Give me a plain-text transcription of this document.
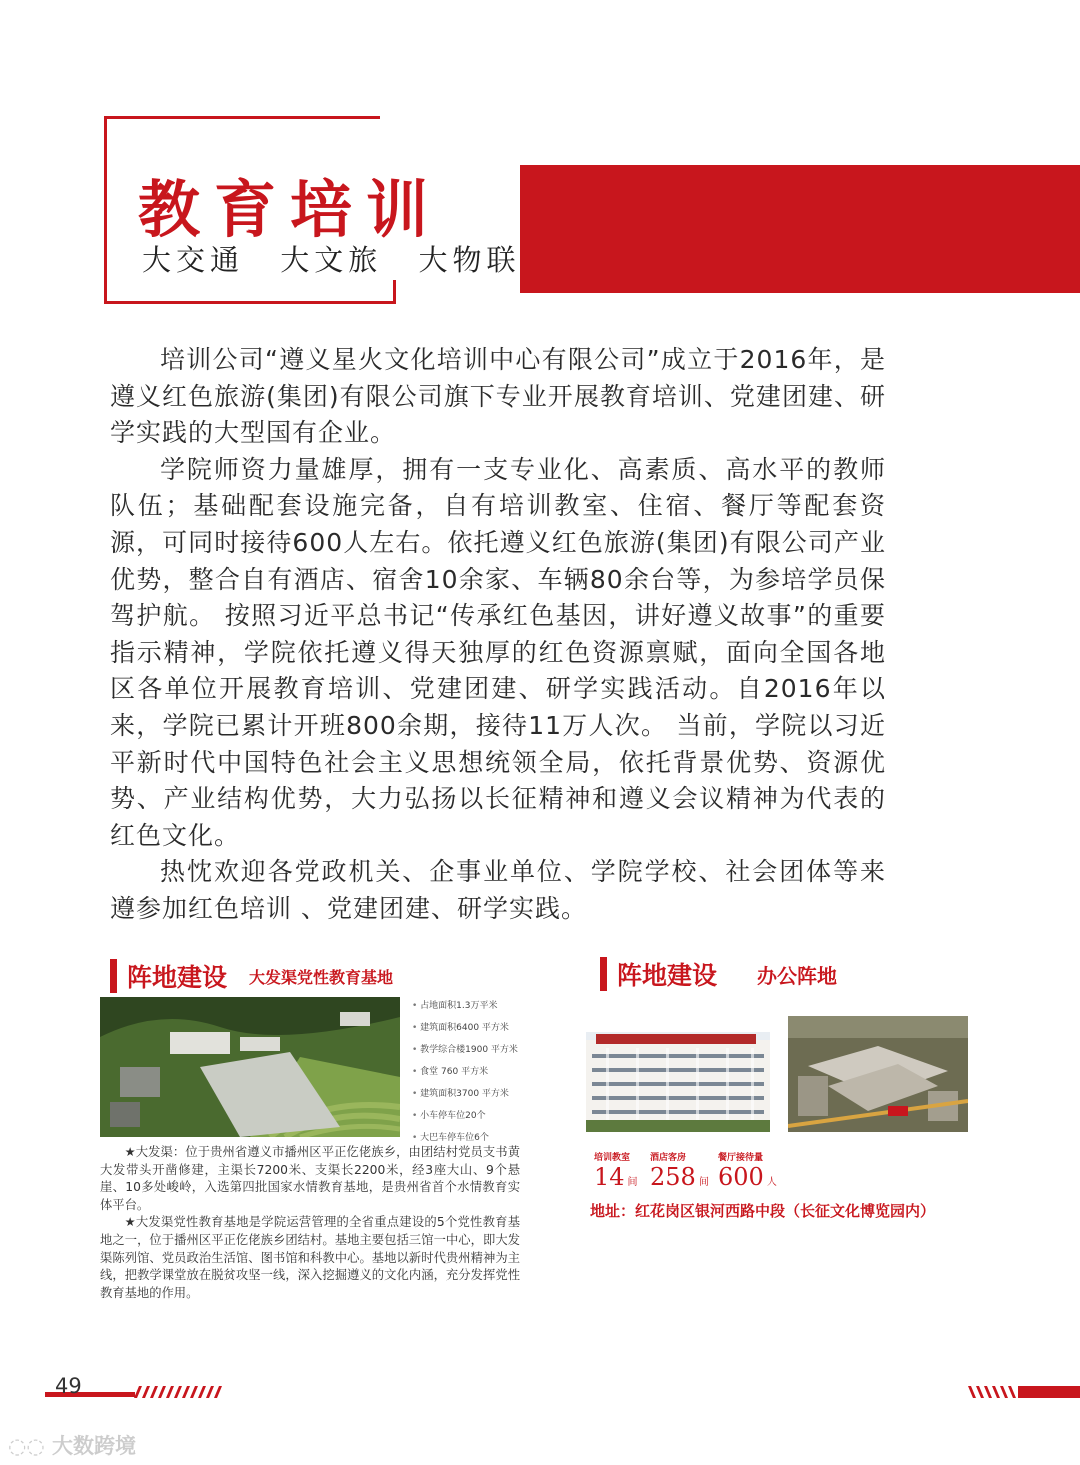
教育培训
大交通 大文旅 大物联

培训公司“遵义星火文化培训中心有限公司”成立于2016年，是遵义红色旅游(集团)有限公司旗下专业开展教育培训、党建团建、研学实践的大型国有企业。

学院师资力量雄厚，拥有一支专业化、高素质、高水平的教师队伍；基础配套设施完备，自有培训教室、住宿、餐厅等配套资源，可同时接待600人左右。依托遵义红色旅游(集团)有限公司产业优势，整合自有酒店、宿舍10余家、车辆80余台等，为参培学员保驾护航。 按照习近平总书记“传承红色基因，讲好遵义故事”的重要指示精神，学院依托遵义得天独厚的红色资源禀赋，面向全国各地区各单位开展教育培训、党建团建、研学实践活动。自2016年以来，学院已累计开班800余期，接待11万人次。 当前，学院以习近平新时代中国特色社会主义思想统领全局，依托背景优势、资源优势、产业结构优势，大力弘扬以长征精神和遵义会议精神为代表的红色文化。

热忱欢迎各党政机关、企事业单位、学院学校、社会团体等来遵参加红色培训 、党建团建、研学实践。

阵地建设 大发渠党性教育基地
• 占地面积1.3万平米
• 建筑面积6400 平方米
• 教学综合楼1900 平方米
• 食堂 760 平方米
• 建筑面积3700 平方米
• 小车停车位20个
• 大巴车停车位6个

★大发渠：位于贵州省遵义市播州区平正仡佬族乡，由团结村党员支书黄大发带头开凿修建，主渠长7200米、支渠长2200米，经3座大山、9个悬崖、10多处峻岭，入选第四批国家水情教育基地，是贵州省首个水情教育实体平台。

★大发渠党性教育基地是学院运营管理的全省重点建设的5个党性教育基地之一，位于播州区平正仡佬族乡团结村。基地主要包括三馆一中心，即大发渠陈列馆、党员政治生活馆、图书馆和科教中心。基地以新时代贵州精神为主线，把教学课堂放在脱贫攻坚一线，深入挖掘遵义的文化内涵，充分发挥党性教育基地的作用。

阵地建设 办公阵地
培训教室
14 间
酒店客房
258 间
餐厅接待量
600 人
地址：红花岗区银河西路中段（长征文化博览园内）
49
◌◌ 大数跨境
